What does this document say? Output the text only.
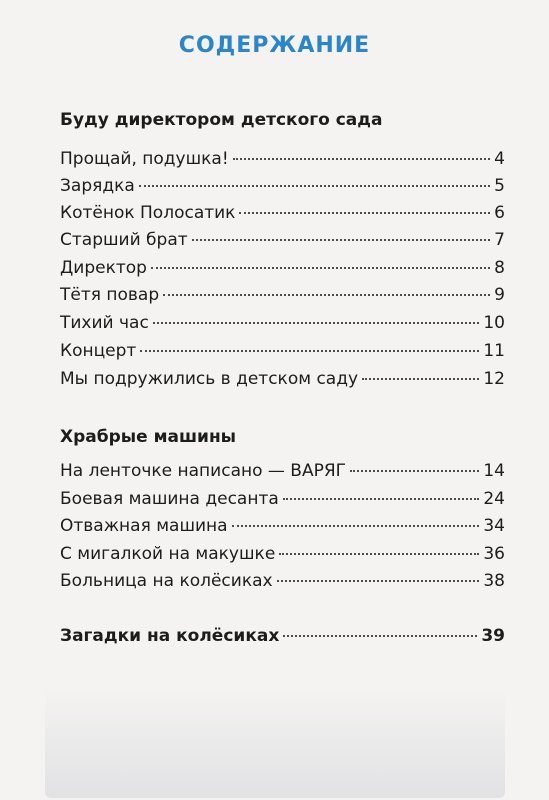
СОДЕРЖАНИЕ
Буду директором детского сада
Прощай, подушка!	4
Зарядка	5
Котёнок Полосатик	6
Старший брат	7
Директор	8
Тётя повар	9
Тихий час	10
Концерт	11
Мы подружились в детском саду	12
Храбрые машины
На ленточке написано — ВАРЯГ	14
Боевая машина десанта	24
Отважная машина	34
С мигалкой на макушке	36
Больница на колёсиках	38
Загадки на колёсиках	39
